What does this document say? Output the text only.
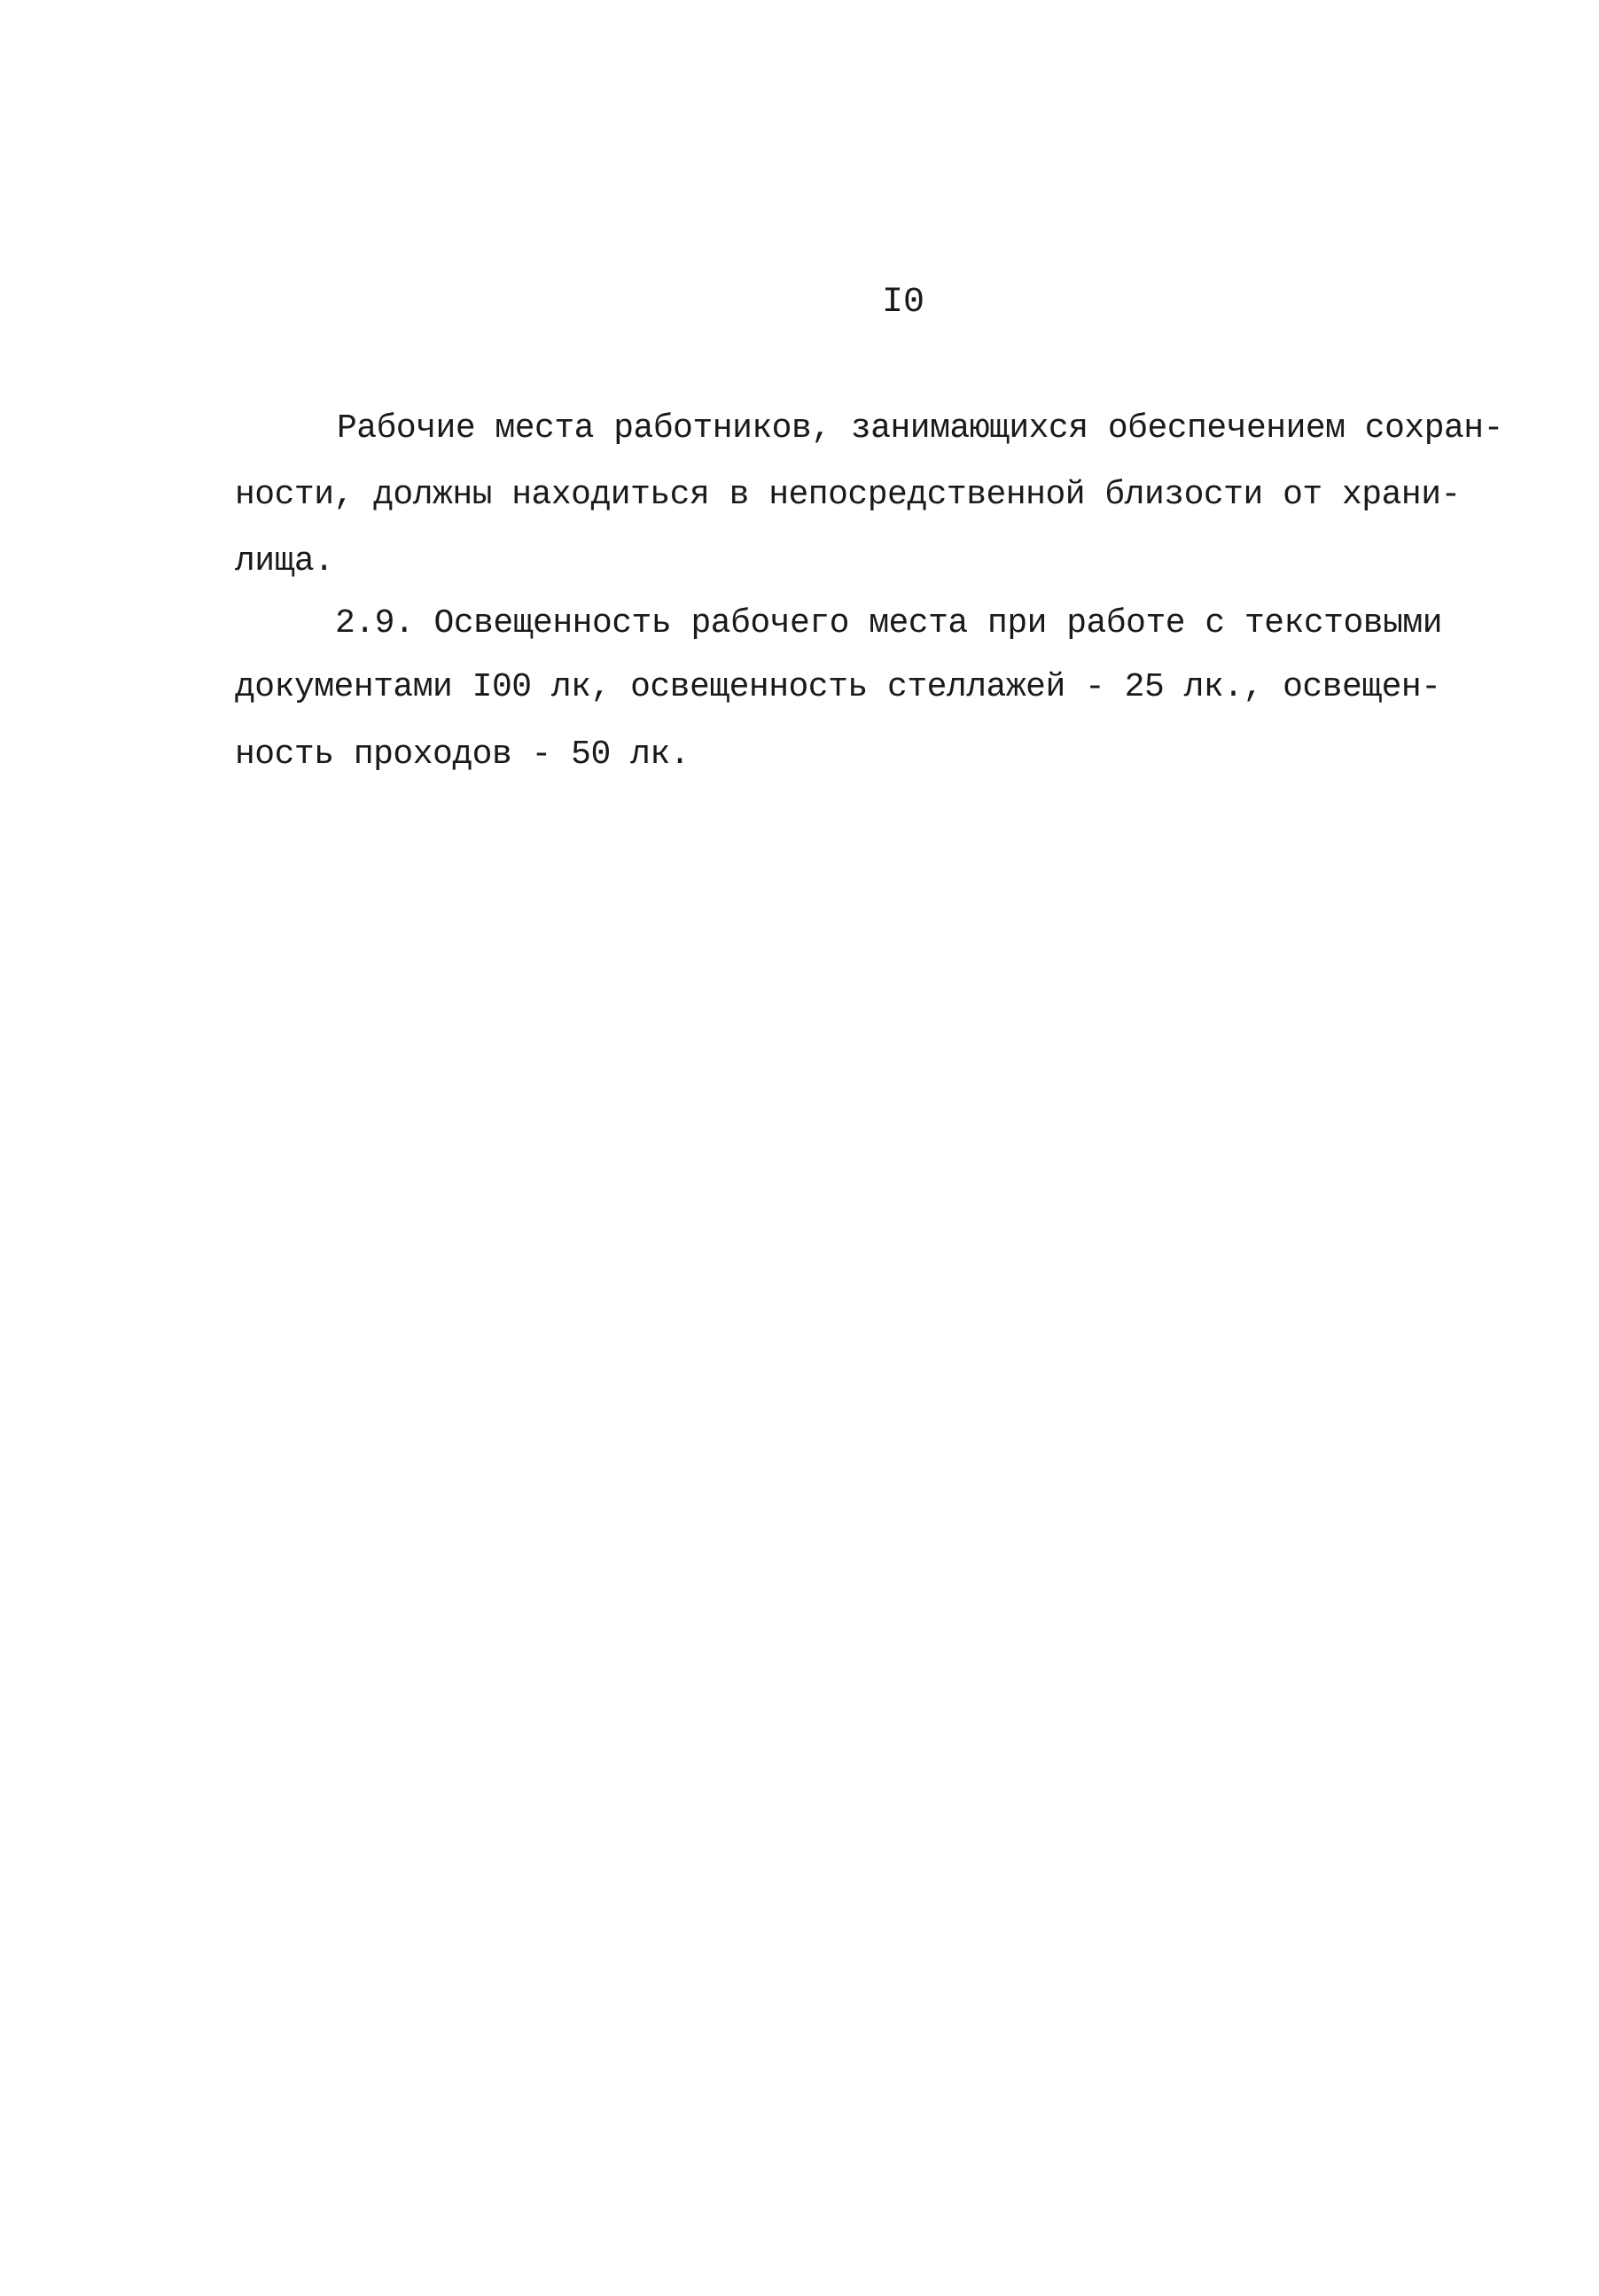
I0
Рабочие места работников, занимающихся обеспечением сохран-
ности, должны находиться в непосредственной близости от храни-
лища.
2.9. Освещенность рабочего места при работе с текстовыми
документами I00 лк, освещенность стеллажей - 25 лк., освещен-
ность проходов - 50 лк.
